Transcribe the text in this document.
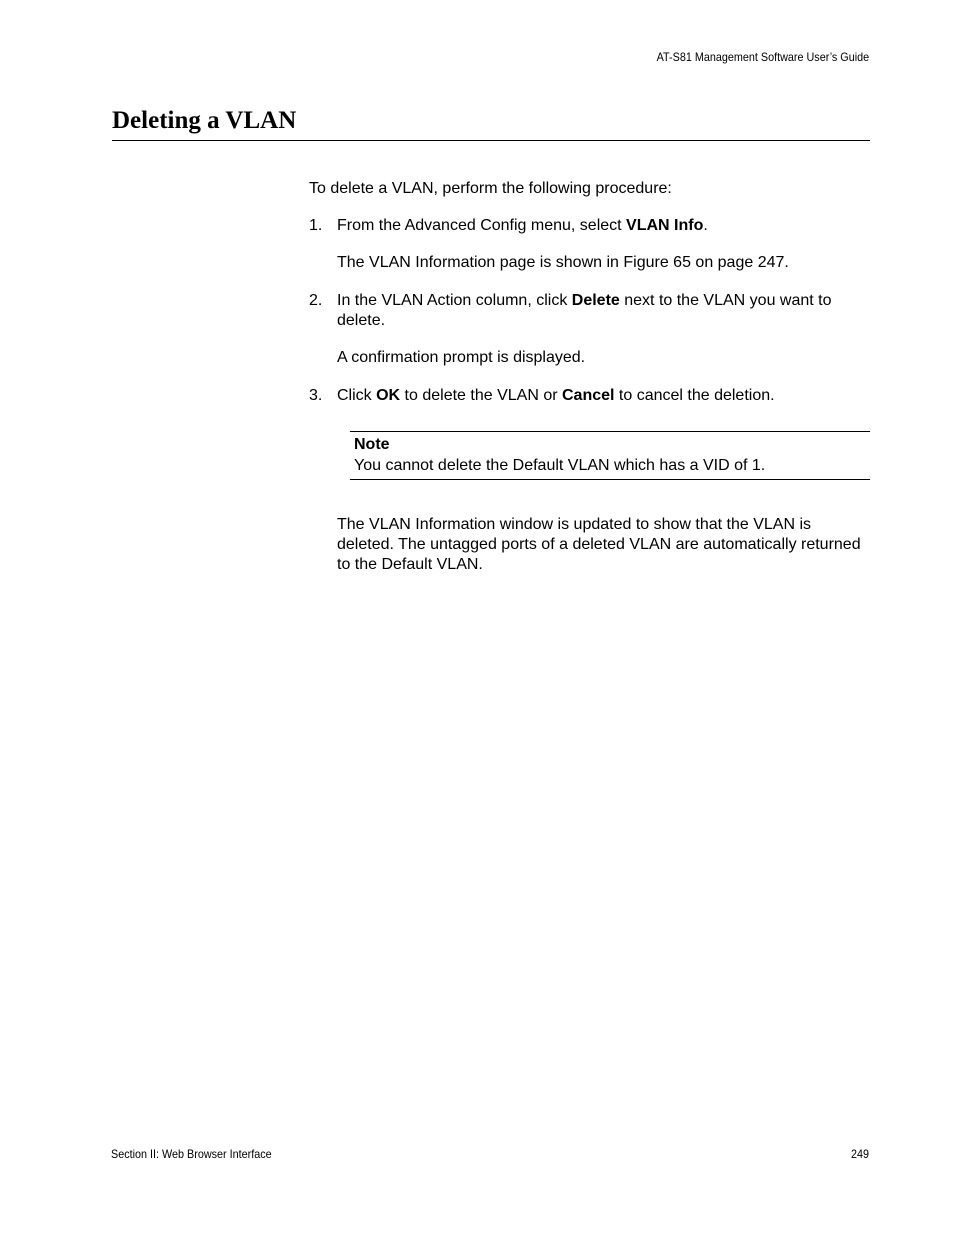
AT-S81 Management Software User’s Guide
Deleting a VLAN
To delete a VLAN, perform the following procedure:
1. From the Advanced Config menu, select VLAN Info.
The VLAN Information page is shown in Figure 65 on page 247.
2. In the VLAN Action column, click Delete next to the VLAN you want to delete.
A confirmation prompt is displayed.
3. Click OK to delete the VLAN or Cancel to cancel the deletion.
Note
You cannot delete the Default VLAN which has a VID of 1.
The VLAN Information window is updated to show that the VLAN is deleted. The untagged ports of a deleted VLAN are automatically returned to the Default VLAN.
Section II: Web Browser Interface	249
